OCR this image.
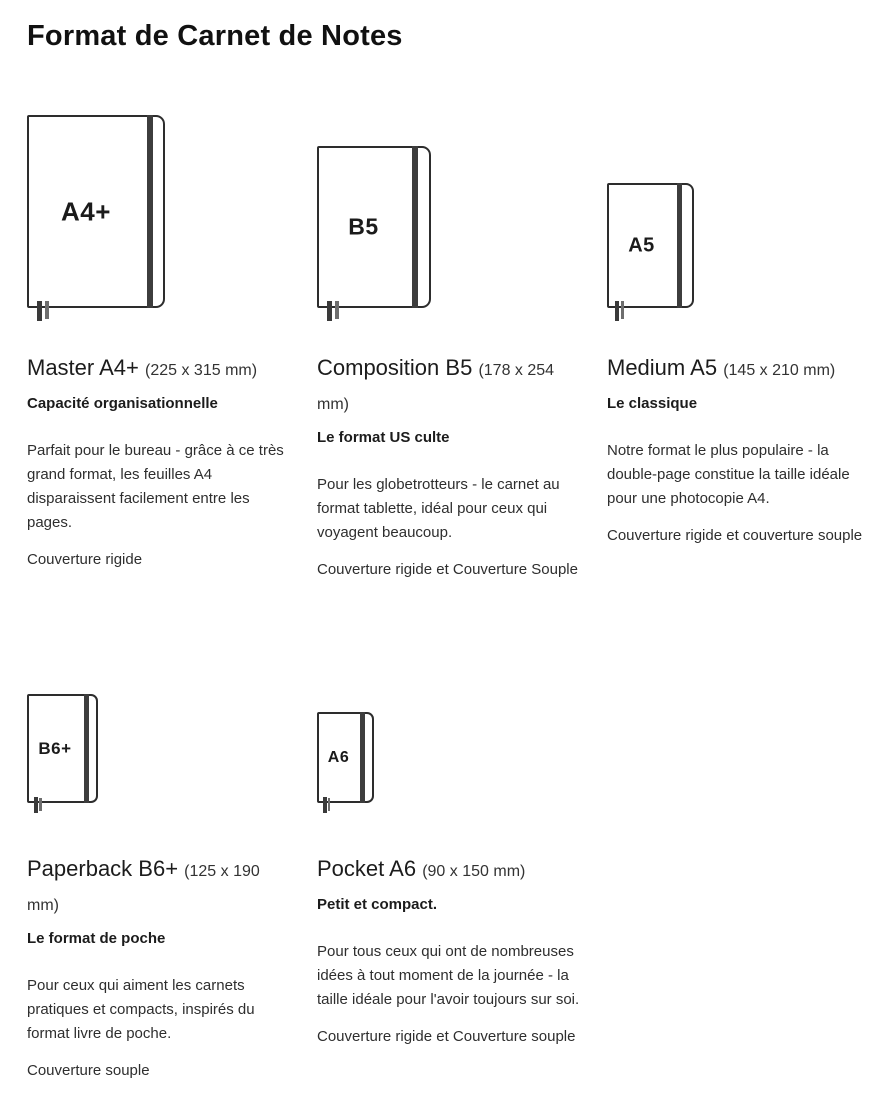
Format de Carnet de Notes
A4+
Master A4+ (225 x 315 mm)
Capacité organisationnelle

Parfait pour le bureau - grâce à ce très grand format, les feuilles A4 disparaissent facilement entre les pages.

Couverture rigide

B5
Composition B5 (178 x 254 mm)
Le format US culte

Pour les globetrotteurs - le carnet au format tablette, idéal pour ceux qui voyagent beaucoup.

Couverture rigide et Couverture Souple

A5
Medium A5 (145 x 210 mm)
Le classique

Notre format le plus populaire - la double-page constitue la taille idéale pour une photocopie A4.

Couverture rigide et couverture souple

B6+
Paperback B6+ (125 x 190 mm)
Le format de poche

Pour ceux qui aiment les carnets pratiques et compacts, inspirés du format livre de poche.

Couverture souple

A6
Pocket A6 (90 x 150 mm)
Petit et compact.

Pour tous ceux qui ont de nombreuses idées à tout moment de la journée - la taille idéale pour l'avoir toujours sur soi.

Couverture rigide et Couverture souple
